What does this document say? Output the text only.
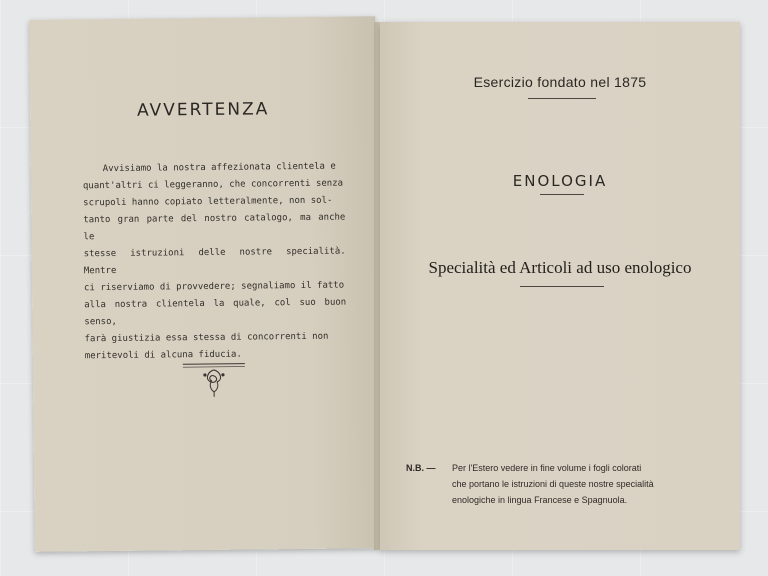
AVVERTENZA
Avvisiamo la nostra affezionata clientela e
quant'altri ci leggeranno, che concorrenti senza
scrupoli hanno copiato letteralmente, non sol-
tanto gran parte del nostro catalogo, ma anche le
stesse istruzioni delle nostre specialità. Mentre
ci riserviamo di provvedere; segnaliamo il fatto
alla nostra clientela la quale, col suo buon senso,
farà giustizia essa stessa di concorrenti non
meritevoli di alcuna fiducia.
Esercizio fondato nel 1875
ENOLOGIA
Specialità ed Articoli ad uso enologico
N.B. — Per l'Estero vedere in fine volume i fogli colorati
che portano le istruzioni di queste nostre specialità
enologiche in lingua Francese e Spagnuola.
